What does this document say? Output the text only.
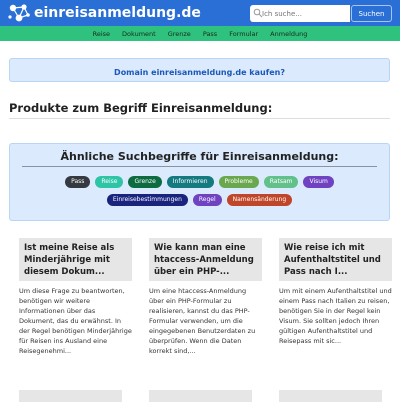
einreisanmeldung.de
Ich suche...	Suchen
Reise Dokument Grenze Pass Formular Anmeldung
Domain einreisanmeldung.de kaufen?
Produkte zum Begriff Einreisanmeldung:
Ähnliche Suchbegriffe für Einreisanmeldung:
Pass	Reise	Grenze	Informieren	Probleme	Ratsam	Visum
Einreisebestimmungen	Regel	Namensänderung
Ist meine Reise als Minderjährige mit diesem Dokum...
Um diese Frage zu beantworten, benötigen wir weitere Informationen über das Dokument, das du erwähnst. In der Regel benötigen Minderjährige für Reisen ins Ausland eine Reisegenehmi...
Wie kann man eine htaccess-Anmeldung über ein PHP-...
Um eine htaccess-Anmeldung über ein PHP-Formular zu realisieren, kannst du das PHP-Formular verwenden, um die eingegebenen Benutzerdaten zu überprüfen. Wenn die Daten korrekt sind,...
Wie reise ich mit Aufenthaltstitel und Pass nach I...
Um mit einem Aufenthaltstitel und einem Pass nach Italien zu reisen, benötigen Sie in der Regel kein Visum. Sie sollten jedoch Ihren gültigen Aufenthaltstitel und Reisepass mit sic...
